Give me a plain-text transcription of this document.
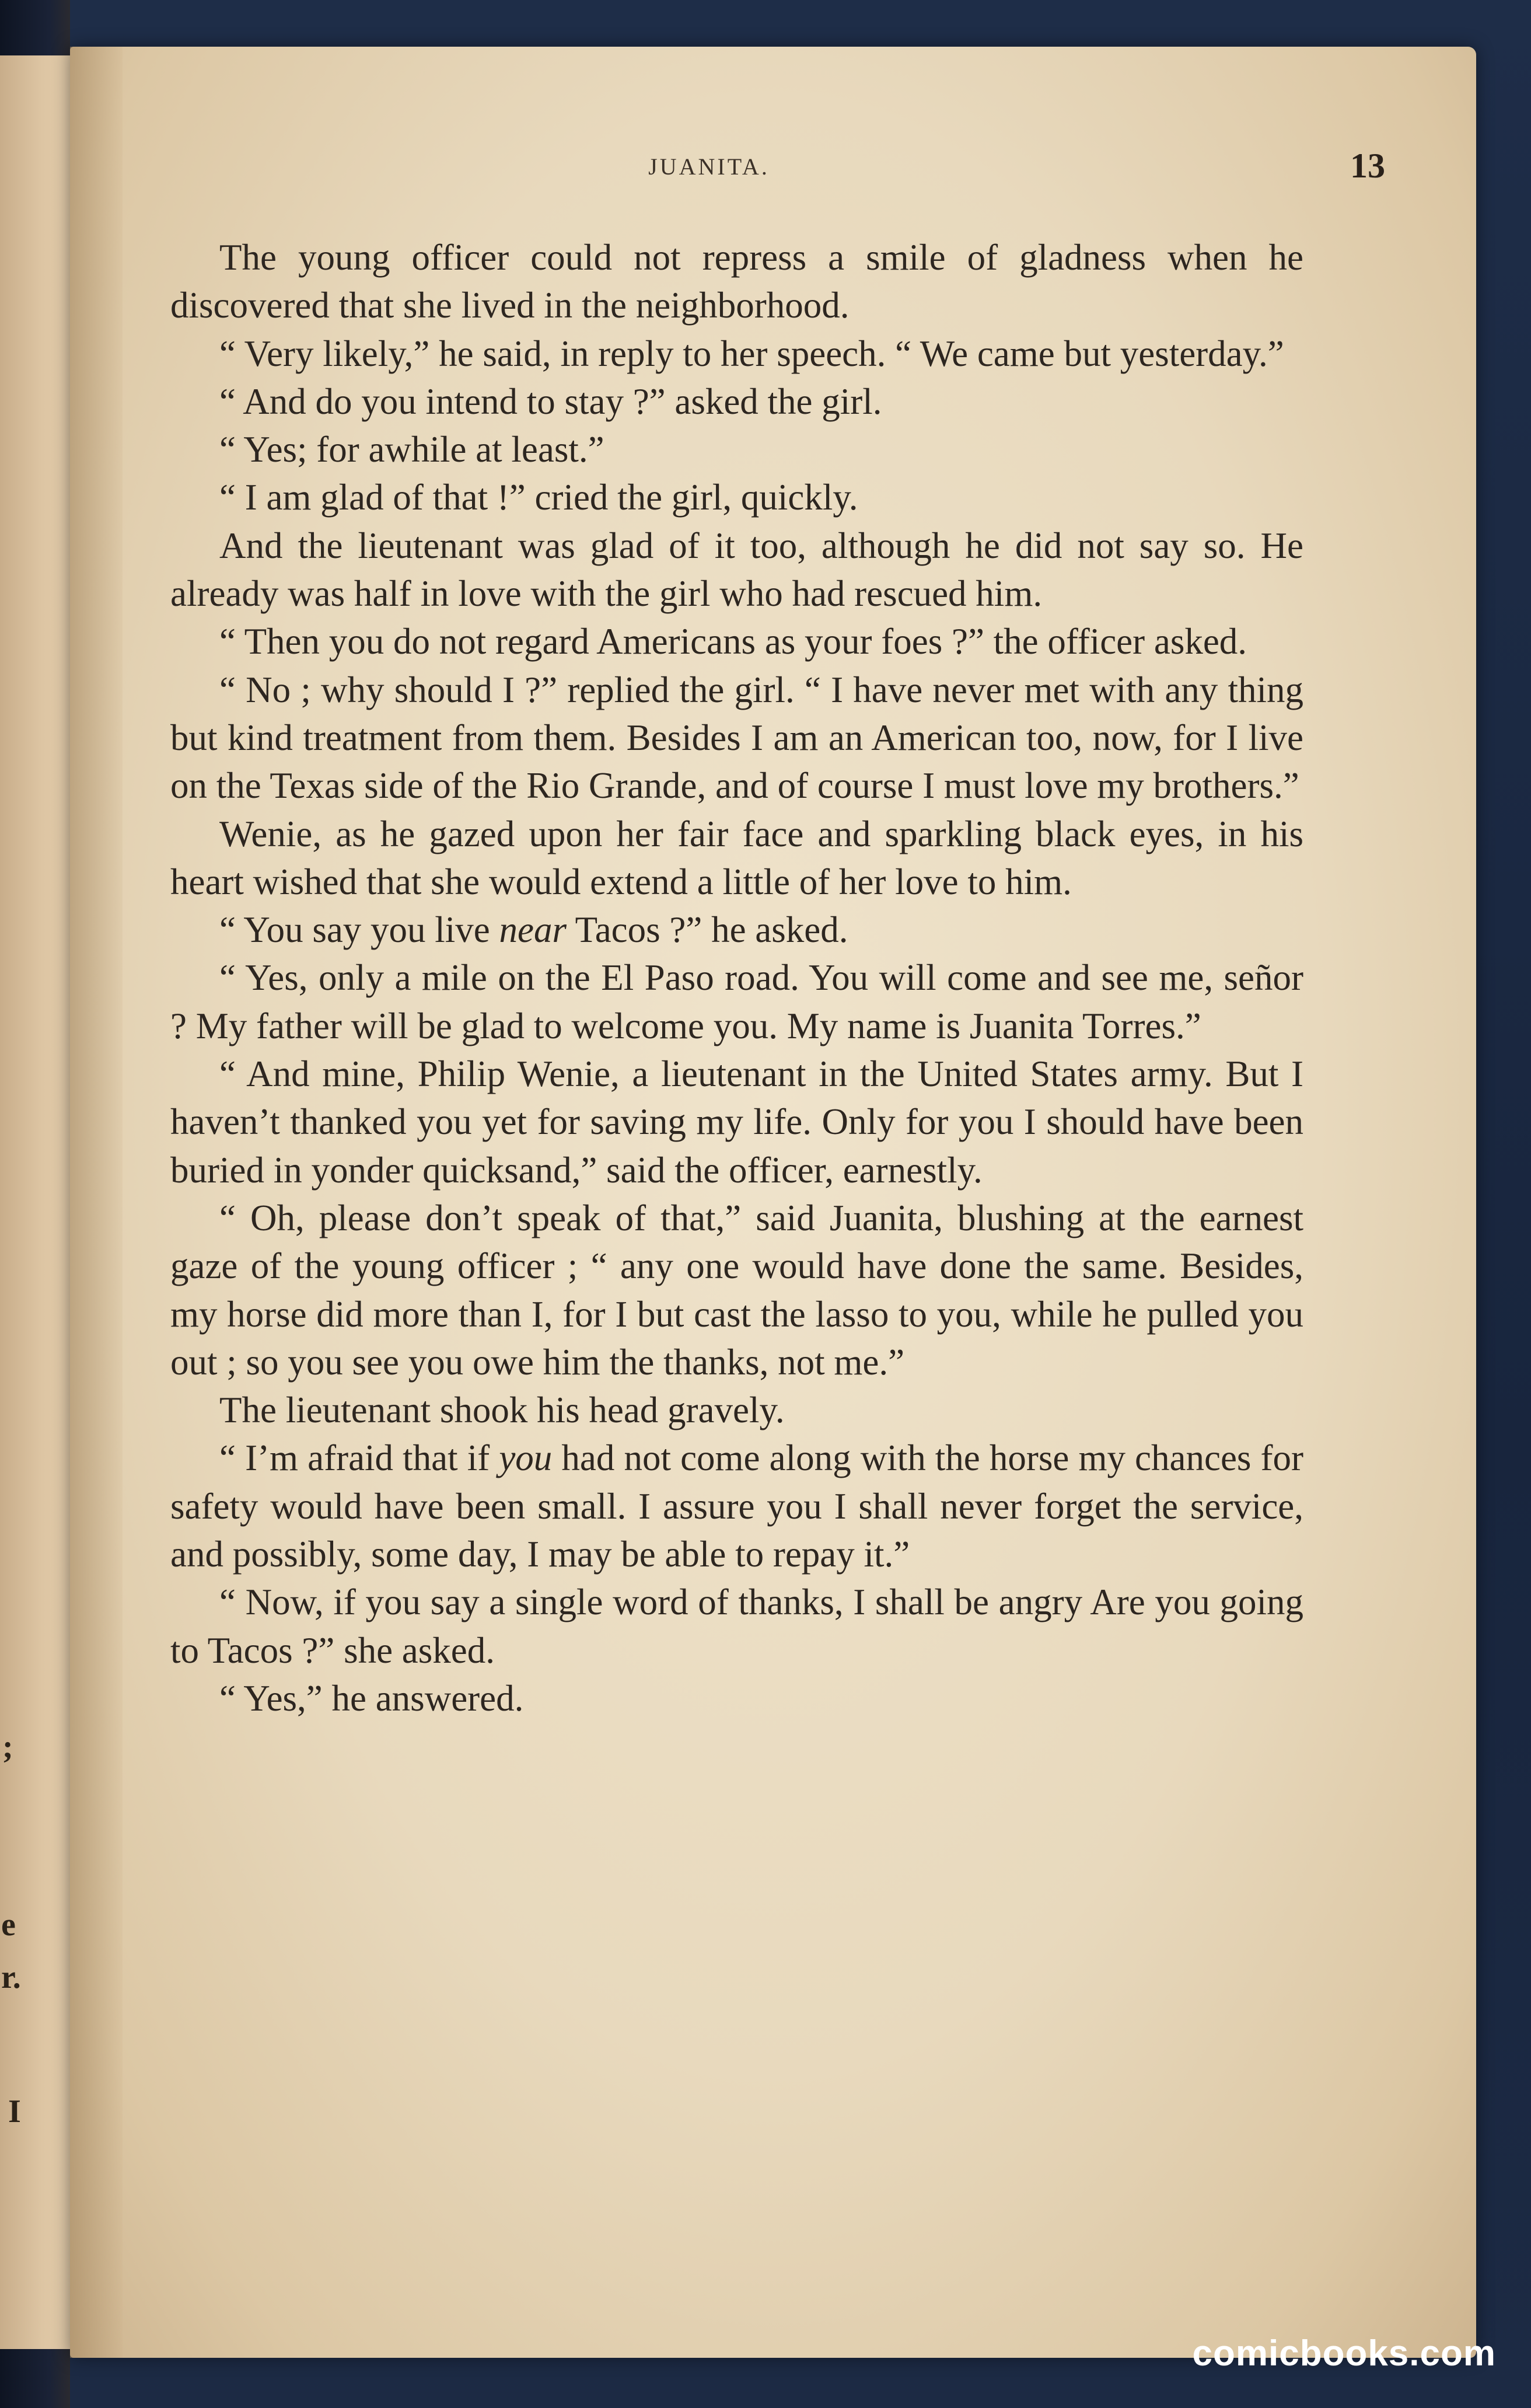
;
e
r.
I
JUANITA.	13

The young officer could not repress a smile of gladness when he discovered that she lived in the neighborhood.

“ Very likely,” he said, in reply to her speech. “ We came but yesterday.”

“ And do you intend to stay ?” asked the girl.

“ Yes; for awhile at least.”

“ I am glad of that !” cried the girl, quickly.

And the lieutenant was glad of it too, although he did not say so. He already was half in love with the girl who had rescued him.

“ Then you do not regard Americans as your foes ?” the officer asked.

“ No ; why should I ?” replied the girl. “ I have never met with any thing but kind treatment from them. Besides I am an American too, now, for I live on the Texas side of the Rio Grande, and of course I must love my brothers.”

Wenie, as he gazed upon her fair face and sparkling black eyes, in his heart wished that she would extend a little of her love to him.

“ You say you live near Tacos ?” he asked.

“ Yes, only a mile on the El Paso road. You will come and see me, señor ? My father will be glad to welcome you. My name is Juanita Torres.”

“ And mine, Philip Wenie, a lieutenant in the United States army. But I haven’t thanked you yet for saving my life. Only for you I should have been buried in yonder quicksand,” said the officer, earnestly.

“ Oh, please don’t speak of that,” said Juanita, blushing at the earnest gaze of the young officer ; “ any one would have done the same. Besides, my horse did more than I, for I but cast the lasso to you, while he pulled you out ; so you see you owe him the thanks, not me.”

The lieutenant shook his head gravely.

“ I’m afraid that if you had not come along with the horse my chances for safety would have been small. I assure you I shall never forget the service, and possibly, some day, I may be able to repay it.”

“ Now, if you say a single word of thanks, I shall be angry Are you going to Tacos ?” she asked.

“ Yes,” he answered.

comicbooks.com
